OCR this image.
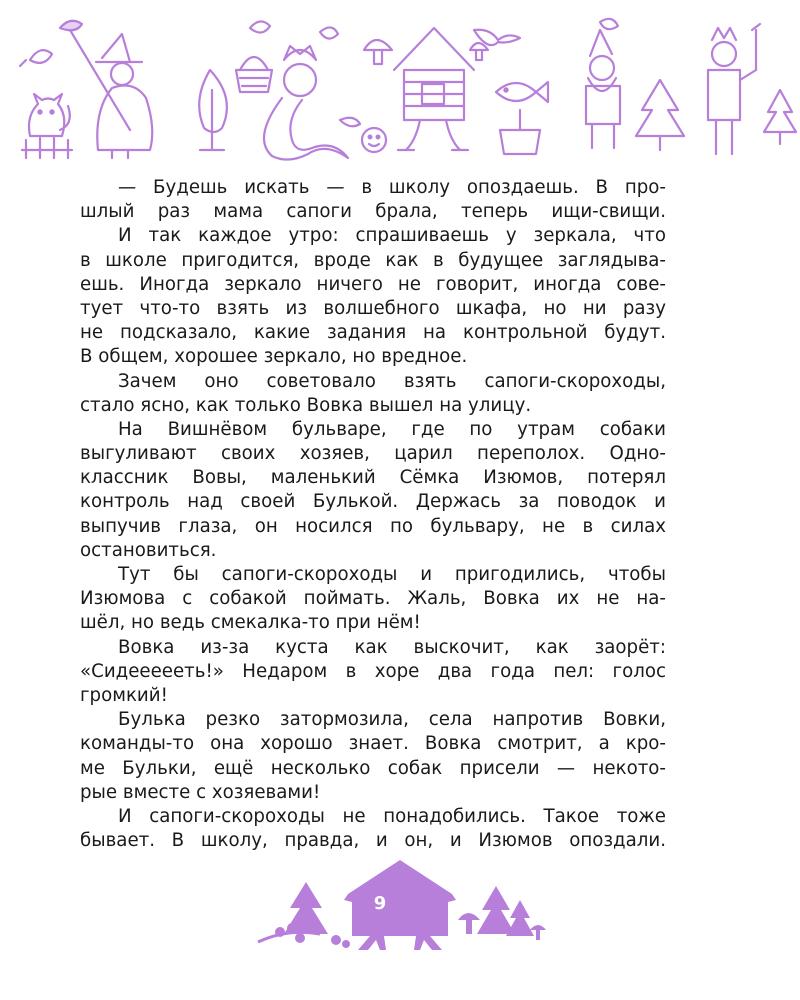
— Будешь искать — в школу опоздаешь. В про-
шлый раз мама сапоги брала, теперь ищи-свищи.
И так каждое утро: спрашиваешь у зеркала, что
в школе пригодится, вроде как в будущее заглядыва-
ешь. Иногда зеркало ничего не говорит, иногда сове-
тует что-то взять из волшебного шкафа, но ни разу
не подсказало, какие задания на контрольной будут.
В общем, хорошее зеркало, но вредное.
Зачем оно советовало взять сапоги-скороходы,
стало ясно, как только Вовка вышел на улицу.
На Вишнёвом бульваре, где по утрам собаки
выгуливают своих хозяев, царил переполох. Одно-
классник Вовы, маленький Сёмка Изюмов, потерял
контроль над своей Булькой. Держась за поводок и
выпучив глаза, он носился по бульвару, не в силах
остановиться.
Тут бы сапоги-скороходы и пригодились, чтобы
Изюмова с собакой поймать. Жаль, Вовка их не на-
шёл, но ведь смекалка-то при нём!
Вовка из-за куста как выскочит, как заорёт:
«Сидеееееть!» Недаром в хоре два года пел: голос
громкий!
Булька резко затормозила, села напротив Вовки,
команды-то она хорошо знает. Вовка смотрит, а кро-
ме Бульки, ещё несколько собак присели — некото-
рые вместе с хозяевами!
И сапоги-скороходы не понадобились. Такое тоже
бывает. В школу, правда, и он, и Изюмов опоздали.
9
